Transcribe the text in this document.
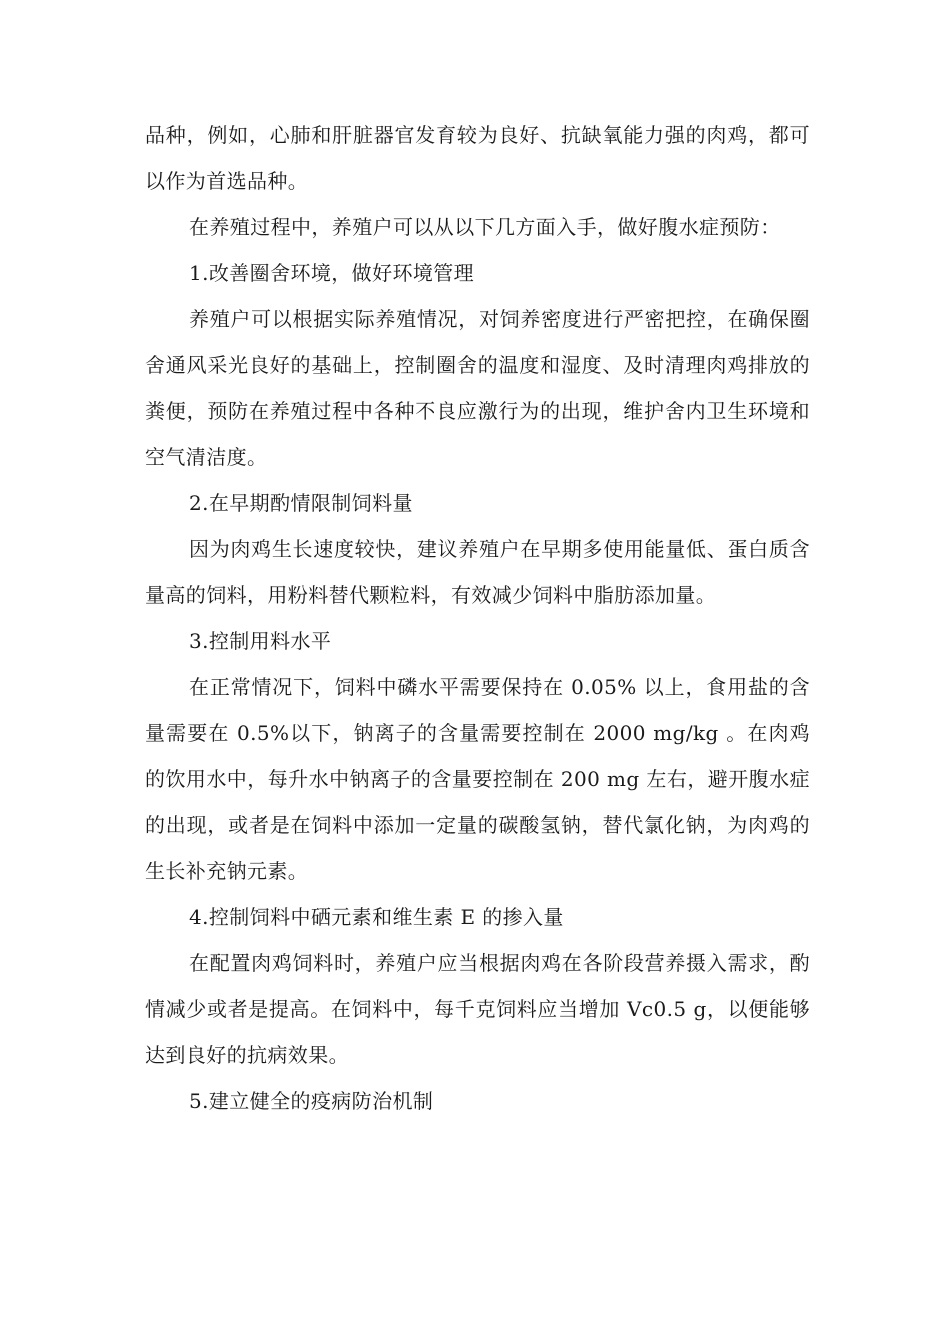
品种，例如，心肺和肝脏器官发育较为良好、抗缺氧能力强的肉鸡，都可以作为首选品种。

在养殖过程中，养殖户可以从以下几方面入手，做好腹水症预防：

1.改善圈舍环境，做好环境管理

养殖户可以根据实际养殖情况，对饲养密度进行严密把控，在确保圈舍通风采光良好的基础上，控制圈舍的温度和湿度、及时清理肉鸡排放的粪便，预防在养殖过程中各种不良应激行为的出现，维护舍内卫生环境和空气清洁度。

2.在早期酌情限制饲料量

因为肉鸡生长速度较快，建议养殖户在早期多使用能量低、蛋白质含量高的饲料，用粉料替代颗粒料，有效减少饲料中脂肪添加量。

3.控制用料水平

在正常情况下，饲料中磷水平需要保持在 0.05% 以上，食用盐的含量需要在 0.5%以下，钠离子的含量需要控制在 2000 mg/kg 。在肉鸡的饮用水中，每升水中钠离子的含量要控制在 200 mg 左右，避开腹水症的出现，或者是在饲料中添加一定量的碳酸氢钠，替代氯化钠，为肉鸡的生长补充钠元素。

4.控制饲料中硒元素和维生素 E 的掺入量

在配置肉鸡饲料时，养殖户应当根据肉鸡在各阶段营养摄入需求，酌情减少或者是提高。在饲料中，每千克饲料应当增加 Vc0.5 g，以便能够达到良好的抗病效果。

5.建立健全的疫病防治机制
